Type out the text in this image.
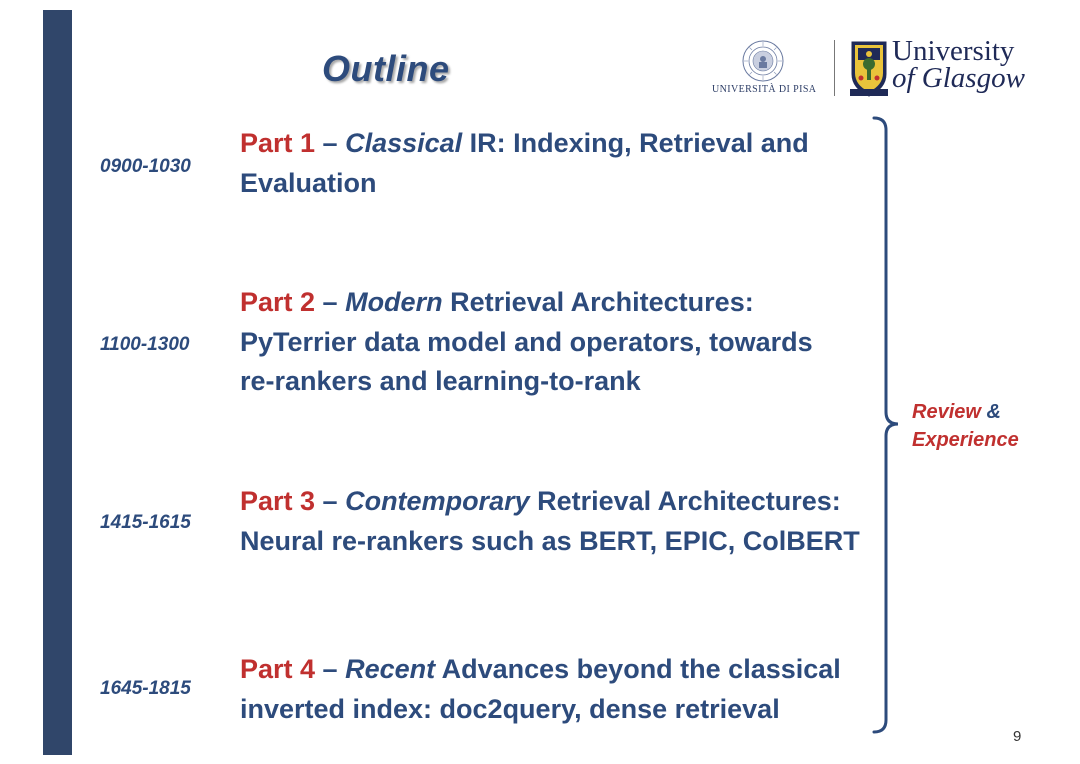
Outline
UNIVERSITÀ DI PISA
University
of Glasgow
0900-1030
Part 1 – Classical IR: Indexing, Retrieval and
Evaluation
1100-1300
Part 2 – Modern Retrieval Architectures:
PyTerrier data model and operators, towards
re-rankers and learning-to-rank
1415-1615
Part 3 – Contemporary Retrieval Architectures:
Neural re-rankers such as BERT, EPIC, ColBERT
1645-1815
Part 4 – Recent Advances beyond the classical
inverted index: doc2query, dense retrieval
Review &
Experience
9
